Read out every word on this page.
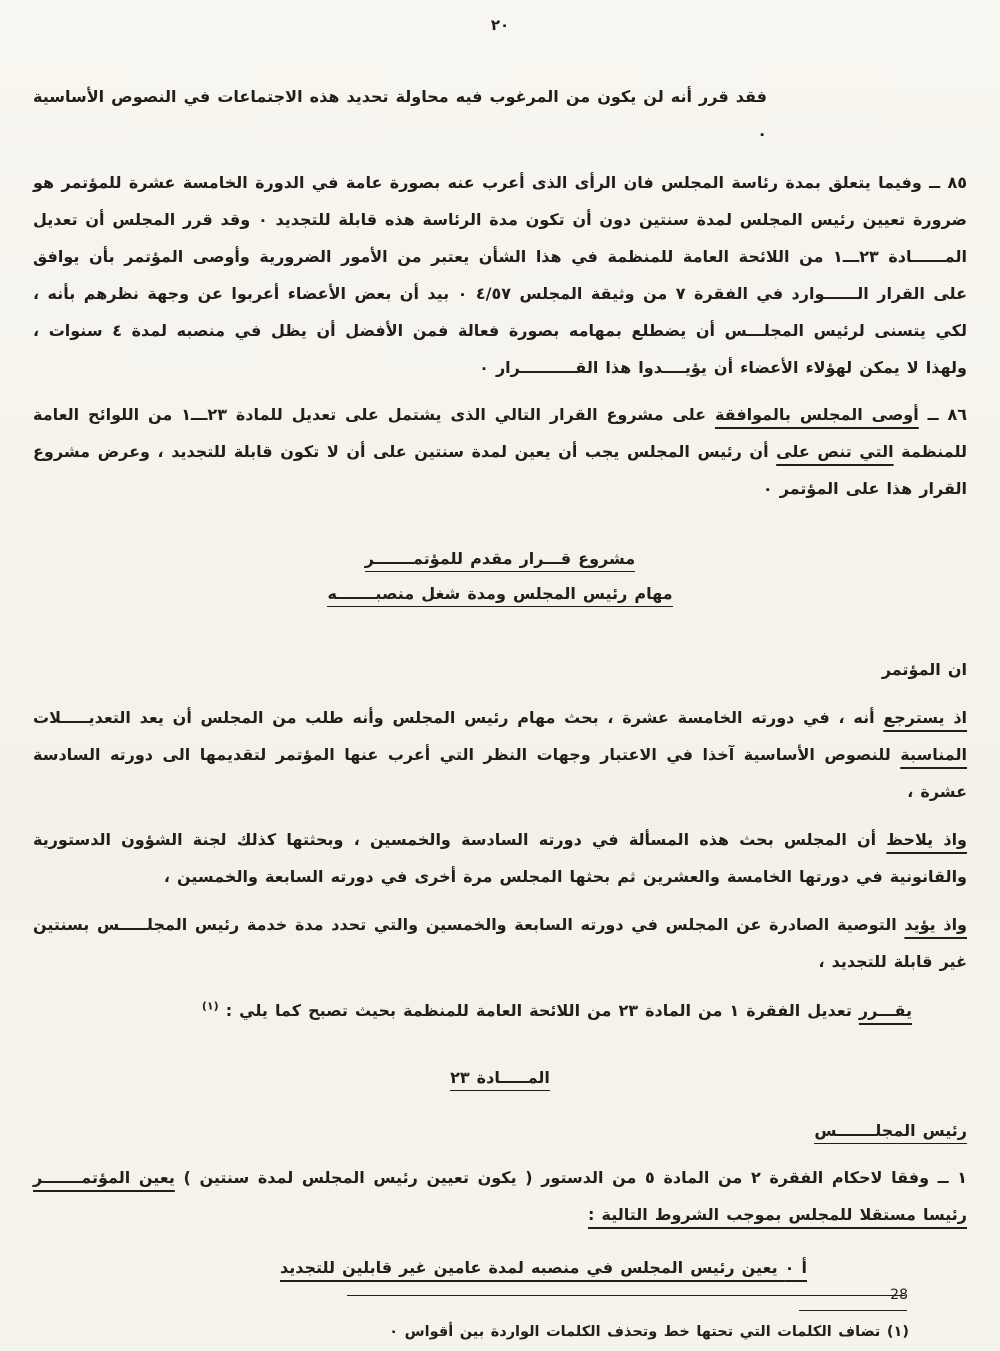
٢٠

فقد قرر أنه لن يكون من المرغوب فيه محاولة تحديد هذه الاجتماعات في النصوص الأساسية ٠

٨٥ ــ وفيما يتعلق بمدة رئاسة المجلس فان الرأى الذى أعرب عنه بصورة عامة في الدورة الخامسة عشرة للمؤتمر هو ضرورة تعيين رئيس المجلس لمدة سنتين دون أن تكون مدة الرئاسة هذه قابلة للتجديد ٠ وقد قرر المجلس أن تعديل المــــــادة ٢٣ـــ١ من اللائحة العامة للمنظمة في هذا الشأن يعتبر من الأمور الضرورية وأوصى المؤتمر بأن يوافق على القرار الــــــوارد في الفقرة ٧ من وثيقة المجلس ٤/٥٧ ٠ بيد أن بعض الأعضاء أعربوا عن وجهة نظرهم بأنه ، لكي يتسنى لرئيس المجلـــس أن يضطلع بمهامه بصورة فعالة فمن الأفضل أن يظل في منصبه لمدة ٤ سنوات ، ولهذا لا يمكن لهؤلاء الأعضاء أن يؤيــــدوا هذا القــــــــــرار ٠

٨٦ ــ أوصى المجلس بالموافقة على مشروع القرار التالي الذى يشتمل على تعديل للمادة ٢٣ـــ١ من اللوائح العامة للمنظمة التي تنص على أن رئيس المجلس يجب أن يعين لمدة سنتين على أن لا تكون قابلة للتجديد ، وعرض مشروع القرار هذا على المؤتمر ٠

مشروع قـــرار مقدم للمؤتمـــــــر
مهام رئيس المجلس ومدة شغل منصبـــــــه

ان المؤتمر

اذ يسترجع أنه ، في دورته الخامسة عشرة ، بحث مهام رئيس المجلس وأنه طلب من المجلس أن يعد التعديـــــلات المناسبة للنصوص الأساسية آخذا في الاعتبار وجهات النظر التي أعرب عنها المؤتمر لتقديمها الى دورته السادسة عشرة ،

واذ يلاحظ أن المجلس بحث هذه المسألة في دورته السادسة والخمسين ، وبحثتها كذلك لجنة الشؤون الدستورية والقانونية في دورتها الخامسة والعشرين ثم بحثها المجلس مرة أخرى في دورته السابعة والخمسين ،

واذ يؤيد التوصية الصادرة عن المجلس في دورته السابعة والخمسين والتي تحدد مدة خدمة رئيس المجلـــــس بسنتين غير قابلة للتجديد ،

يقـــرر تعديل الفقرة ١ من المادة ٢٣ من اللائحة العامة للمنظمة بحيث تصبح كما يلي : $^{(١)}$

المـــــادة ٢٣
رئيس المجلـــــــس

١ ــ وفقا لاحكام الفقرة ٢ من المادة ٥ من الدستور ( يكون تعيين رئيس المجلس لمدة سنتين ) يعين المؤتمـــــــر رئيسا مستقلا للمجلس بموجب الشروط التالية :

أ ٠ يعين رئيس المجلس في منصبه لمدة عامين غير قابلين للتجديد

(١) تضاف الكلمات التي تحتها خط وتحذف الكلمات الواردة بين أقواس ٠

28
